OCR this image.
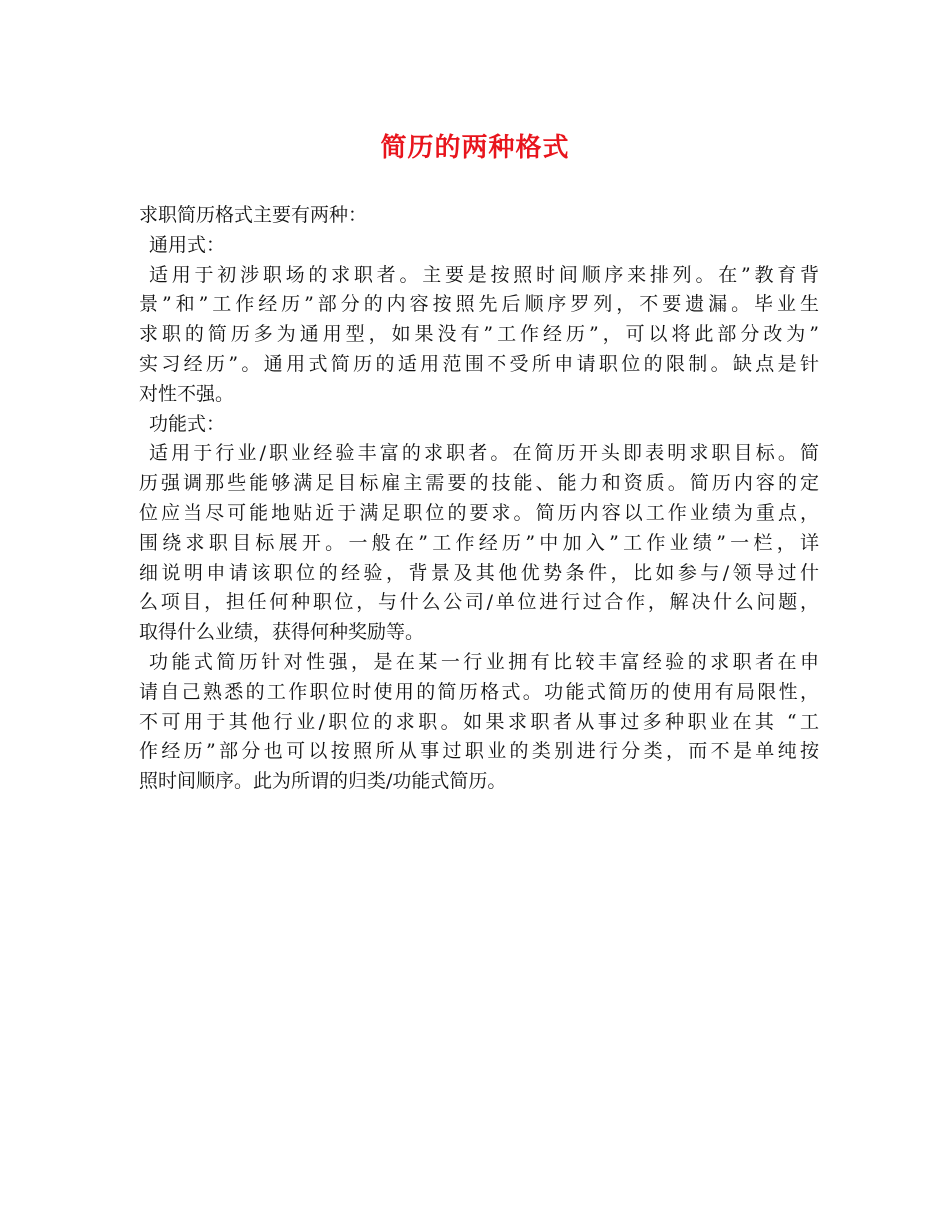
简历的两种格式
求职简历格式主要有两种：
通用式：
适用于初涉职场的求职者。主要是按照时间顺序来排列。在”教育背
景”和”工作经历”部分的内容按照先后顺序罗列，不要遗漏。毕业生
求职的简历多为通用型，如果没有”工作经历”，可以将此部分改为”
实习经历”。通用式简历的适用范围不受所申请职位的限制。缺点是针
对性不强。
功能式：
适用于行业/职业经验丰富的求职者。在简历开头即表明求职目标。简
历强调那些能够满足目标雇主需要的技能、能力和资质。简历内容的定
位应当尽可能地贴近于满足职位的要求。简历内容以工作业绩为重点，
围绕求职目标展开。一般在”工作经历”中加入”工作业绩”一栏，详
细说明申请该职位的经验，背景及其他优势条件，比如参与/领导过什
么项目，担任何种职位，与什么公司/单位进行过合作，解决什么问题，
取得什么业绩，获得何种奖励等。
功能式简历针对性强，是在某一行业拥有比较丰富经验的求职者在申
请自己熟悉的工作职位时使用的简历格式。功能式简历的使用有局限性，
不可用于其他行业/职位的求职。如果求职者从事过多种职业在其 “工
作经历”部分也可以按照所从事过职业的类别进行分类，而不是单纯按
照时间顺序。此为所谓的归类/功能式简历。
